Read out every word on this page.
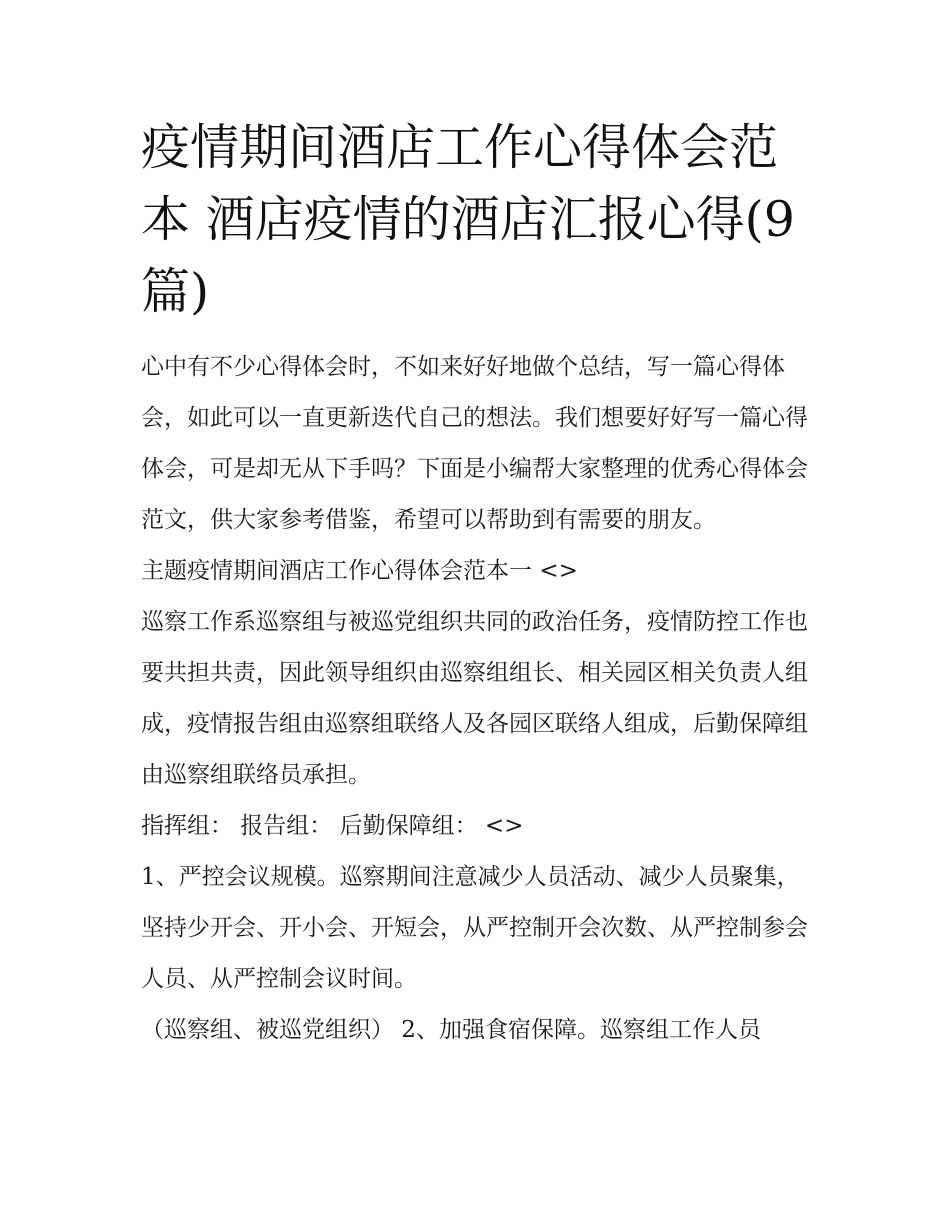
疫情期间酒店工作心得体会范本 酒店疫情的酒店汇报心得(9篇)

心中有不少心得体会时，不如来好好地做个总结，写一篇心得体会，如此可以一直更新迭代自己的想法。我们想要好好写一篇心得体会，可是却无从下手吗？下面是小编帮大家整理的优秀心得体会范文，供大家参考借鉴，希望可以帮助到有需要的朋友。

主题疫情期间酒店工作心得体会范本一 <>

巡察工作系巡察组与被巡党组织共同的政治任务，疫情防控工作也要共担共责，因此领导组织由巡察组组长、相关园区相关负责人组成，疫情报告组由巡察组联络人及各园区联络人组成，后勤保障组由巡察组联络员承担。

指挥组： 报告组： 后勤保障组： <>

1、严控会议规模。巡察期间注意减少人员活动、减少人员聚集，坚持少开会、开小会、开短会，从严控制开会次数、从严控制参会人员、从严控制会议时间。

（巡察组、被巡党组织） 2、加强食宿保障。巡察组工作人员
